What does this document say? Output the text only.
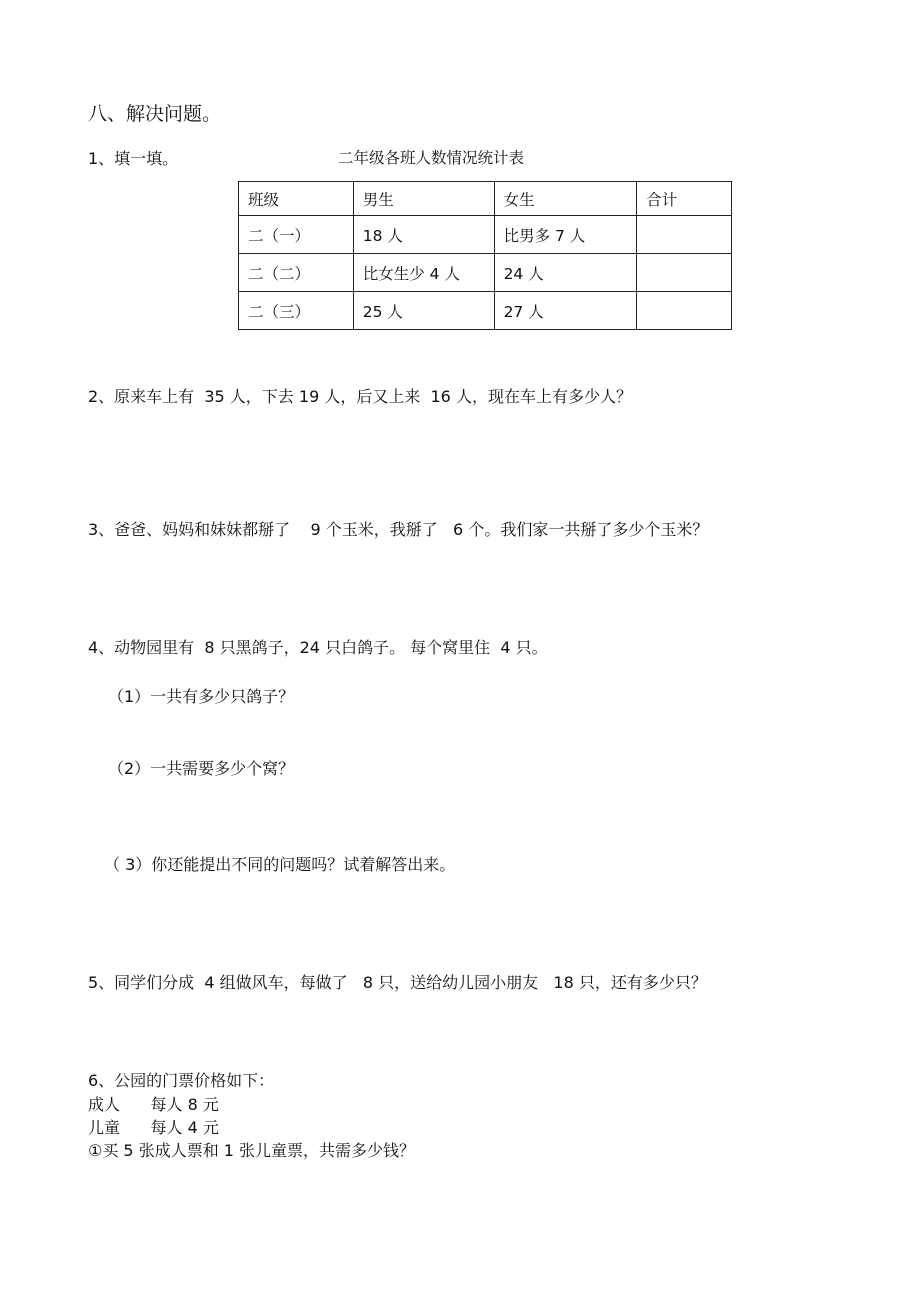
八、解决问题。
1、填一填。	二年级各班人数情况统计表
班级	男生	女生	合计
二（一）	18 人	比男多 7 人	
二（二）	比女生少 4 人	24 人	
二（三）	25 人	27 人	
2、原来车上有  35 人，下去 19 人，后又上来  16 人，现在车上有多少人？
3、爸爸、妈妈和妹妹都掰了    9 个玉米，我掰了   6 个。我们家一共掰了多少个玉米？
4、动物园里有  8 只黑鸽子，24 只白鸽子。 每个窝里住  4 只。
（1）一共有多少只鸽子？
（2）一共需要多少个窝？
（ 3）你还能提出不同的问题吗？试着解答出来。
5、同学们分成  4 组做风车，每做了   8 只，送给幼儿园小朋友   18 只，还有多少只？
6、公园的门票价格如下：
成人      每人 8 元
儿童      每人 4 元
①买 5 张成人票和 1 张儿童票，共需多少钱？
